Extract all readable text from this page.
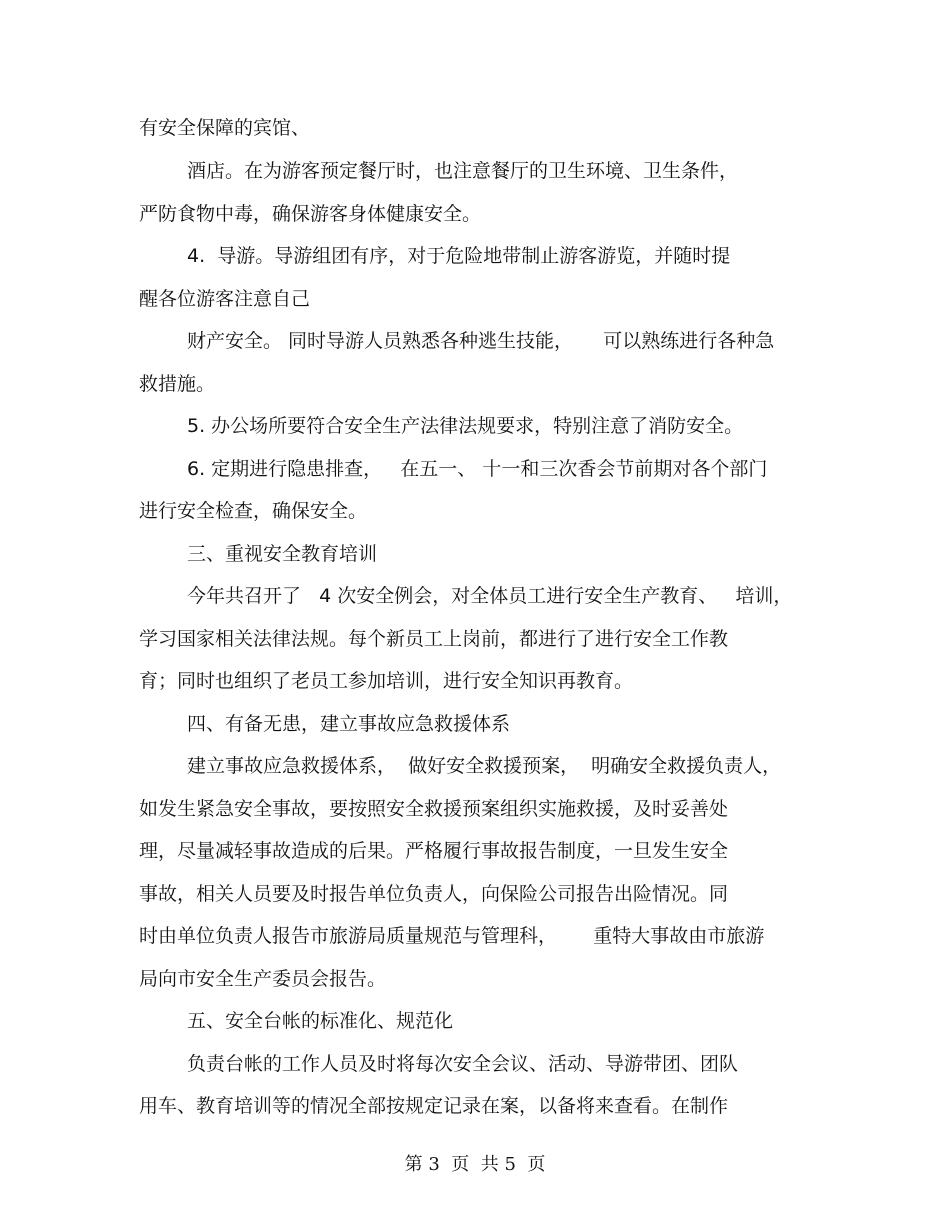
有安全保障的宾馆、
酒店。在为游客预定餐厅时，也注意餐厅的卫生环境、卫生条件，
严防食物中毒，确保游客身体健康安全。
4.  导游。导游组团有序，对于危险地带制止游客游览，并随时提
醒各位游客注意自己
财产安全。 同时导游人员熟悉各种逃生技能，     可以熟练进行各种急
救措施。
5. 办公场所要符合安全生产法律法规要求，特别注意了消防安全。
6. 定期进行隐患排查，   在五一、 十一和三次香会节前期对各个部门
进行安全检查，确保安全。
三、重视安全教育培训
今年共召开了   4 次安全例会，对全体员工进行安全生产教育、   培训，
学习国家相关法律法规。每个新员工上岗前，都进行了进行安全工作教
育；同时也组织了老员工参加培训，进行安全知识再教育。
四、有备无患，建立事故应急救援体系
建立事故应急救援体系，  做好安全救援预案，  明确安全救援负责人，
如发生紧急安全事故，要按照安全救援预案组织实施救援，及时妥善处
理，尽量减轻事故造成的后果。严格履行事故报告制度，一旦发生安全
事故，相关人员要及时报告单位负责人，向保险公司报告出险情况。同
时由单位负责人报告市旅游局质量规范与管理科，      重特大事故由市旅游
局向市安全生产委员会报告。
五、安全台帐的标准化、规范化
负责台帐的工作人员及时将每次安全会议、活动、导游带团、团队
用车、教育培训等的情况全部按规定记录在案，以备将来查看。在制作
第 3  页  共 5  页
